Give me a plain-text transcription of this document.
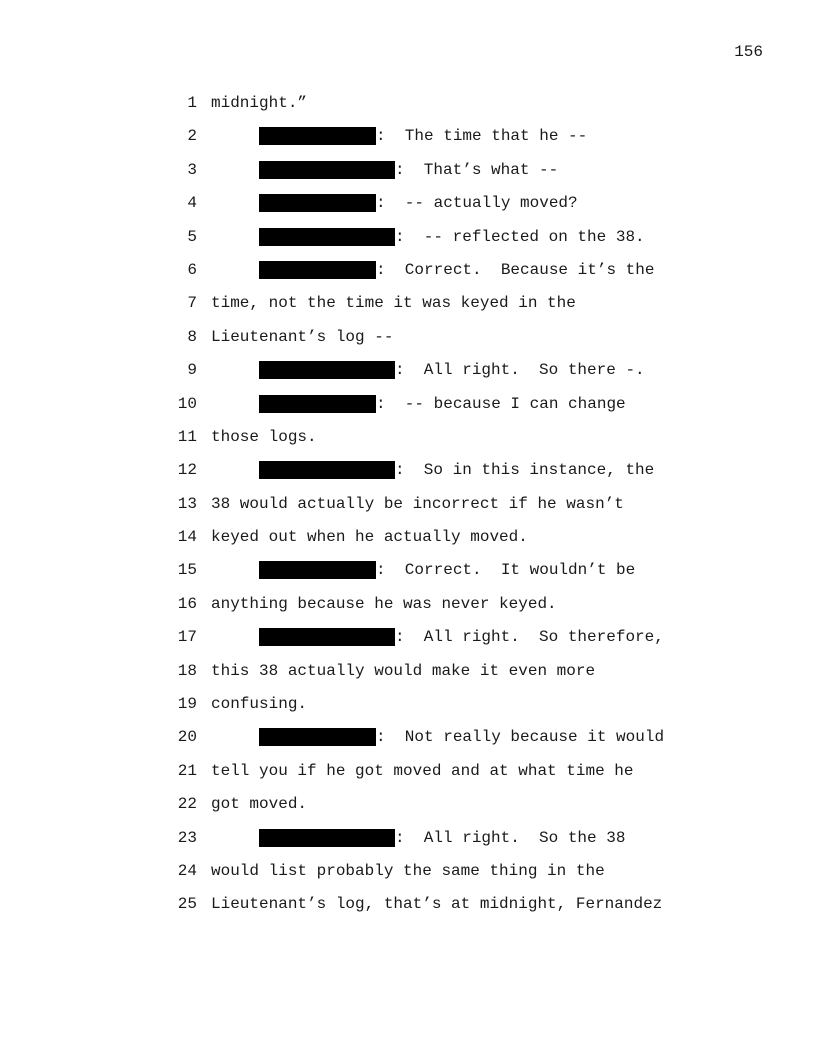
156
1 midnight.”
2	:  The time that he --
3	:  That’s what --
4	:  -- actually moved?
5	:  -- reflected on the 38.
6	:  Correct.  Because it’s the
7 time, not the time it was keyed in the
8 Lieutenant’s log --
9	:  All right.  So there -.
10	:  -- because I can change
11 those logs.
12	:  So in this instance, the
13 38 would actually be incorrect if he wasn’t
14 keyed out when he actually moved.
15	:  Correct.  It wouldn’t be
16 anything because he was never keyed.
17	:  All right.  So therefore,
18 this 38 actually would make it even more
19 confusing.
20	:  Not really because it would
21 tell you if he got moved and at what time he
22 got moved.
23	:  All right.  So the 38
24 would list probably the same thing in the
25 Lieutenant’s log, that’s at midnight, Fernandez
